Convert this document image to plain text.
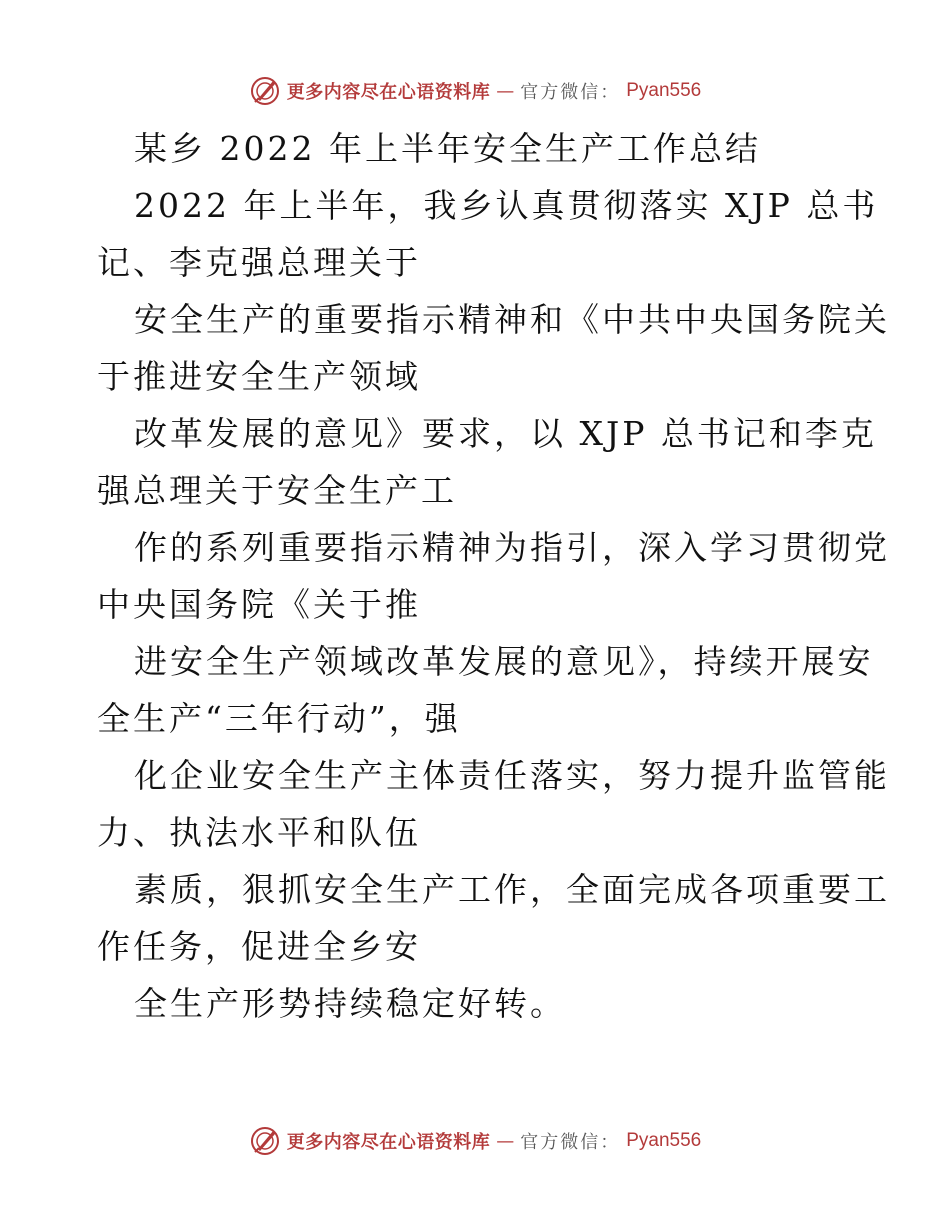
更多内容尽在心语资料库 — 官方微信： Pyan556
某乡 2022 年上半年安全生产工作总结
2022 年上半年，我乡认真贯彻落实 XJP 总书
记、李克强总理关于
安全生产的重要指示精神和《中共中央国务院关
于推进安全生产领域
改革发展的意见》要求，以 XJP 总书记和李克
强总理关于安全生产工
作的系列重要指示精神为指引，深入学习贯彻党
中央国务院《关于推
进安全生产领域改革发展的意见》，持续开展安
全生产“三年行动”，强
化企业安全生产主体责任落实，努力提升监管能
力、执法水平和队伍
素质，狠抓安全生产工作，全面完成各项重要工
作任务，促进全乡安
全生产形势持续稳定好转。
更多内容尽在心语资料库 — 官方微信： Pyan556
